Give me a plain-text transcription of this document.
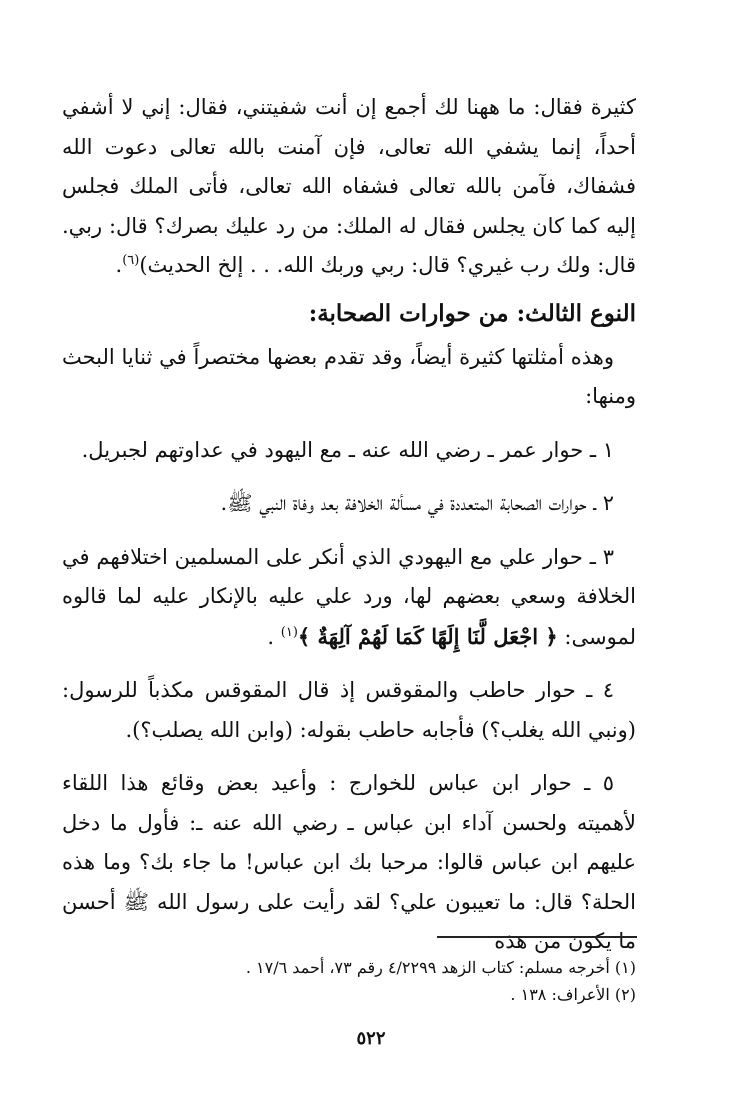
كثيرة فقال: ما ههنا لك أجمع إن أنت شفيتني، فقال: إني لا أشفي أحداً، إنما يشفي الله تعالى، فإن آمنت بالله تعالى دعوت الله فشفاك، فآمن بالله تعالى فشفاه الله تعالى، فأتى الملك فجلس إليه كما كان يجلس فقال له الملك: من رد عليك بصرك؟ قال: ربي. قال: ولك رب غيري؟ قال: ربي وربك الله. . . إلخ الحديث)$^{(٦)}$.

النوع الثالث: من حوارات الصحابة:

وهذه أمثلتها كثيرة أيضاً، وقد تقدم بعضها مختصراً في ثنايا البحث ومنها:

١ ـ حوار عمر ـ رضي الله عنه ـ مع اليهود في عداوتهم لجبريل.

٢ ـ حوارات الصحابة المتعددة في مسألة الخلافة بعد وفاة النبي ﷺ.

٣ ـ حوار علي مع اليهودي الذي أنكر على المسلمين اختلافهم في الخلافة وسعي بعضهم لها، ورد علي عليه بالإنكار عليه لما قالوه لموسى: ﴿ اجْعَل لَّنَا إِلَهًا كَمَا لَهُمْ آلِهَةٌ ﴾$^{(١)}$ .

٤ ـ حوار حاطب والمقوقس إذ قال المقوقس مكذباً للرسول: (ونبي الله يغلب؟) فأجابه حاطب بقوله: (وابن الله يصلب؟).

٥ ـ حوار ابن عباس للخوارج : وأعيد بعض وقائع هذا اللقاء لأهميته ولحسن آداء ابن عباس ـ رضي الله عنه ـ: فأول ما دخل عليهم ابن عباس قالوا: مرحبا بك ابن عباس! ما جاء بك؟ وما هذه الحلة؟ قال: ما تعيبون علي؟ لقد رأيت على رسول الله ﷺ أحسن ما يكون من هذه

(١) أخرجه مسلم: كتاب الزهد ٤/٢٢٩٩ رقم ٧٣، أحمد ١٧/٦ .

(٢) الأعراف: ١٣٨ .

٥٢٢
